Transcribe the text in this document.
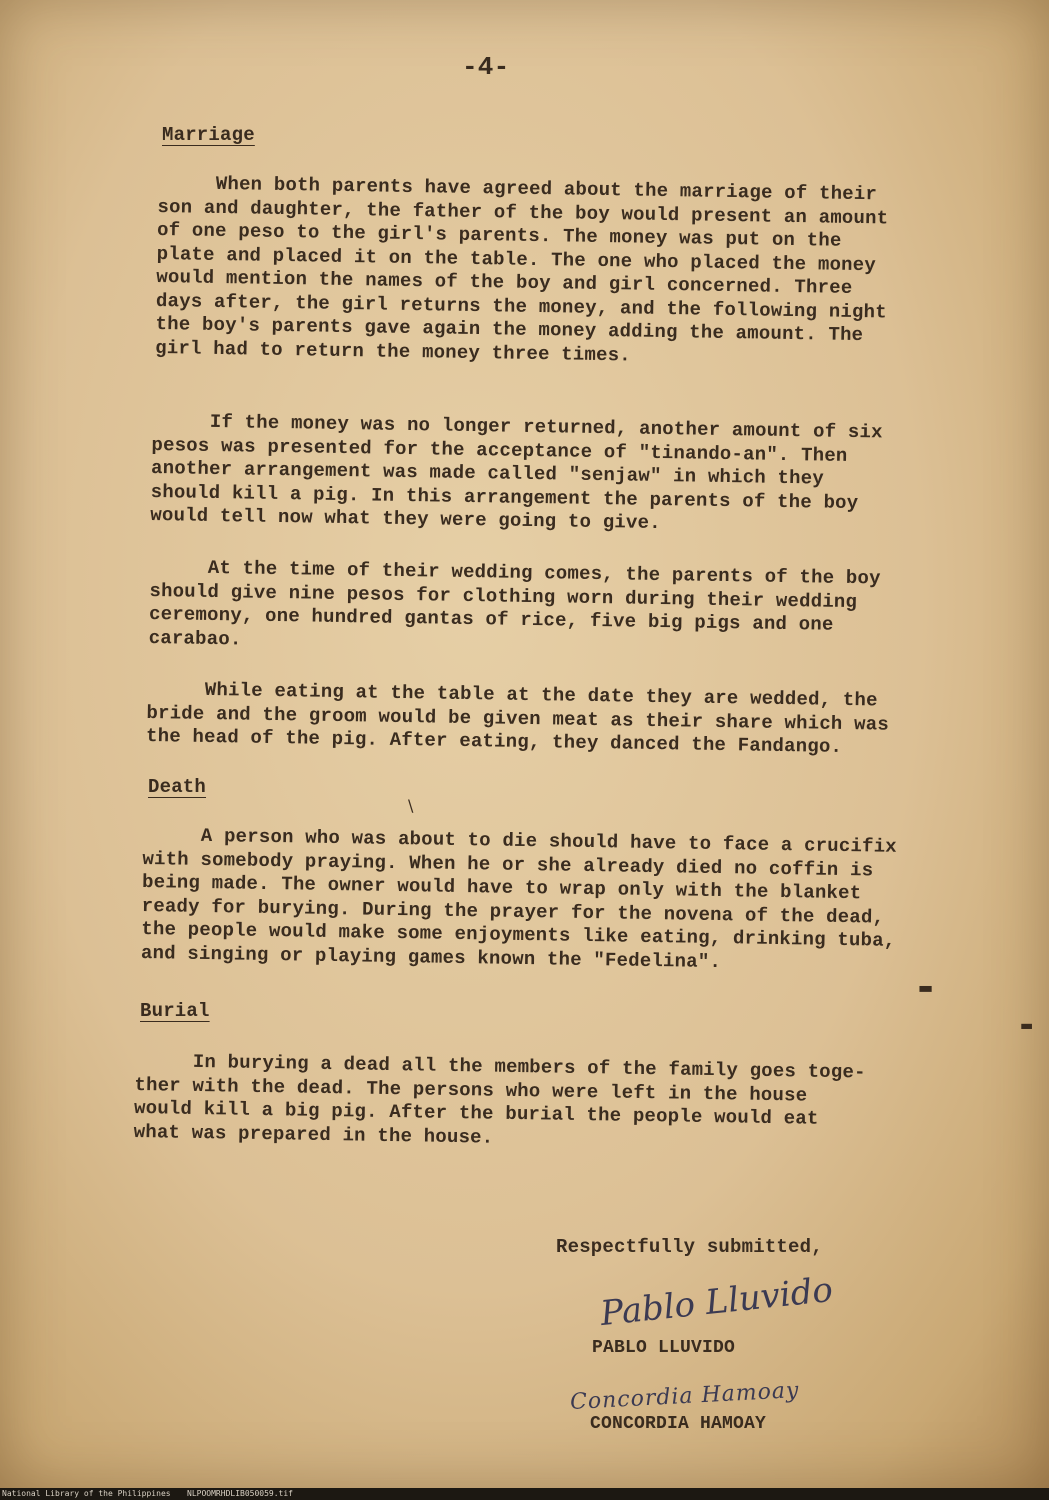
-4-
Marriage

When both parents have agreed about the marriage of their
son and daughter, the father of the boy would present an amount
of one peso to the girl's parents. The money was put on the
plate and placed it on the table. The one who placed the money
would mention the names of the boy and girl concerned. Three
days after, the girl returns the money, and the following night
the boy's parents gave again the money adding the amount. The
girl had to return the money three times.

If the money was no longer returned, another amount of six
pesos was presented for the acceptance of "tinando-an". Then
another arrangement was made called "senjaw" in which they
should kill a pig. In this arrangement the parents of the boy
would tell now what they were going to give.

At the time of their wedding comes, the parents of the boy
should give nine pesos for clothing worn during their wedding
ceremony, one hundred gantas of rice, five big pigs and one
carabao.

While eating at the table at the date they are wedded, the
bride and the groom would be given meat as their share which was
the head of the pig. After eating, they danced the Fandango.

Death
\

A person who was about to die should have to face a crucifix
with somebody praying. When he or she already died no coffin is
being made. The owner would have to wrap only with the blanket
ready for burying. During the prayer for the novena of the dead,
the people would make some enjoyments like eating, drinking tuba,
and singing or playing games known the "Fedelina".

▬
▬
Burial

In burying a dead all the members of the family goes toge-
ther with the dead. The persons who were left in the house
would kill a big pig. After the burial the people would eat
what was prepared in the house.

Respectfully submitted,
Pablo Lluvido
PABLO LLUVIDO
Concordia Hamoay
CONCORDIA HAMOAY
National Library of the Philippines NLPOOMRHDLIB050059.tif
